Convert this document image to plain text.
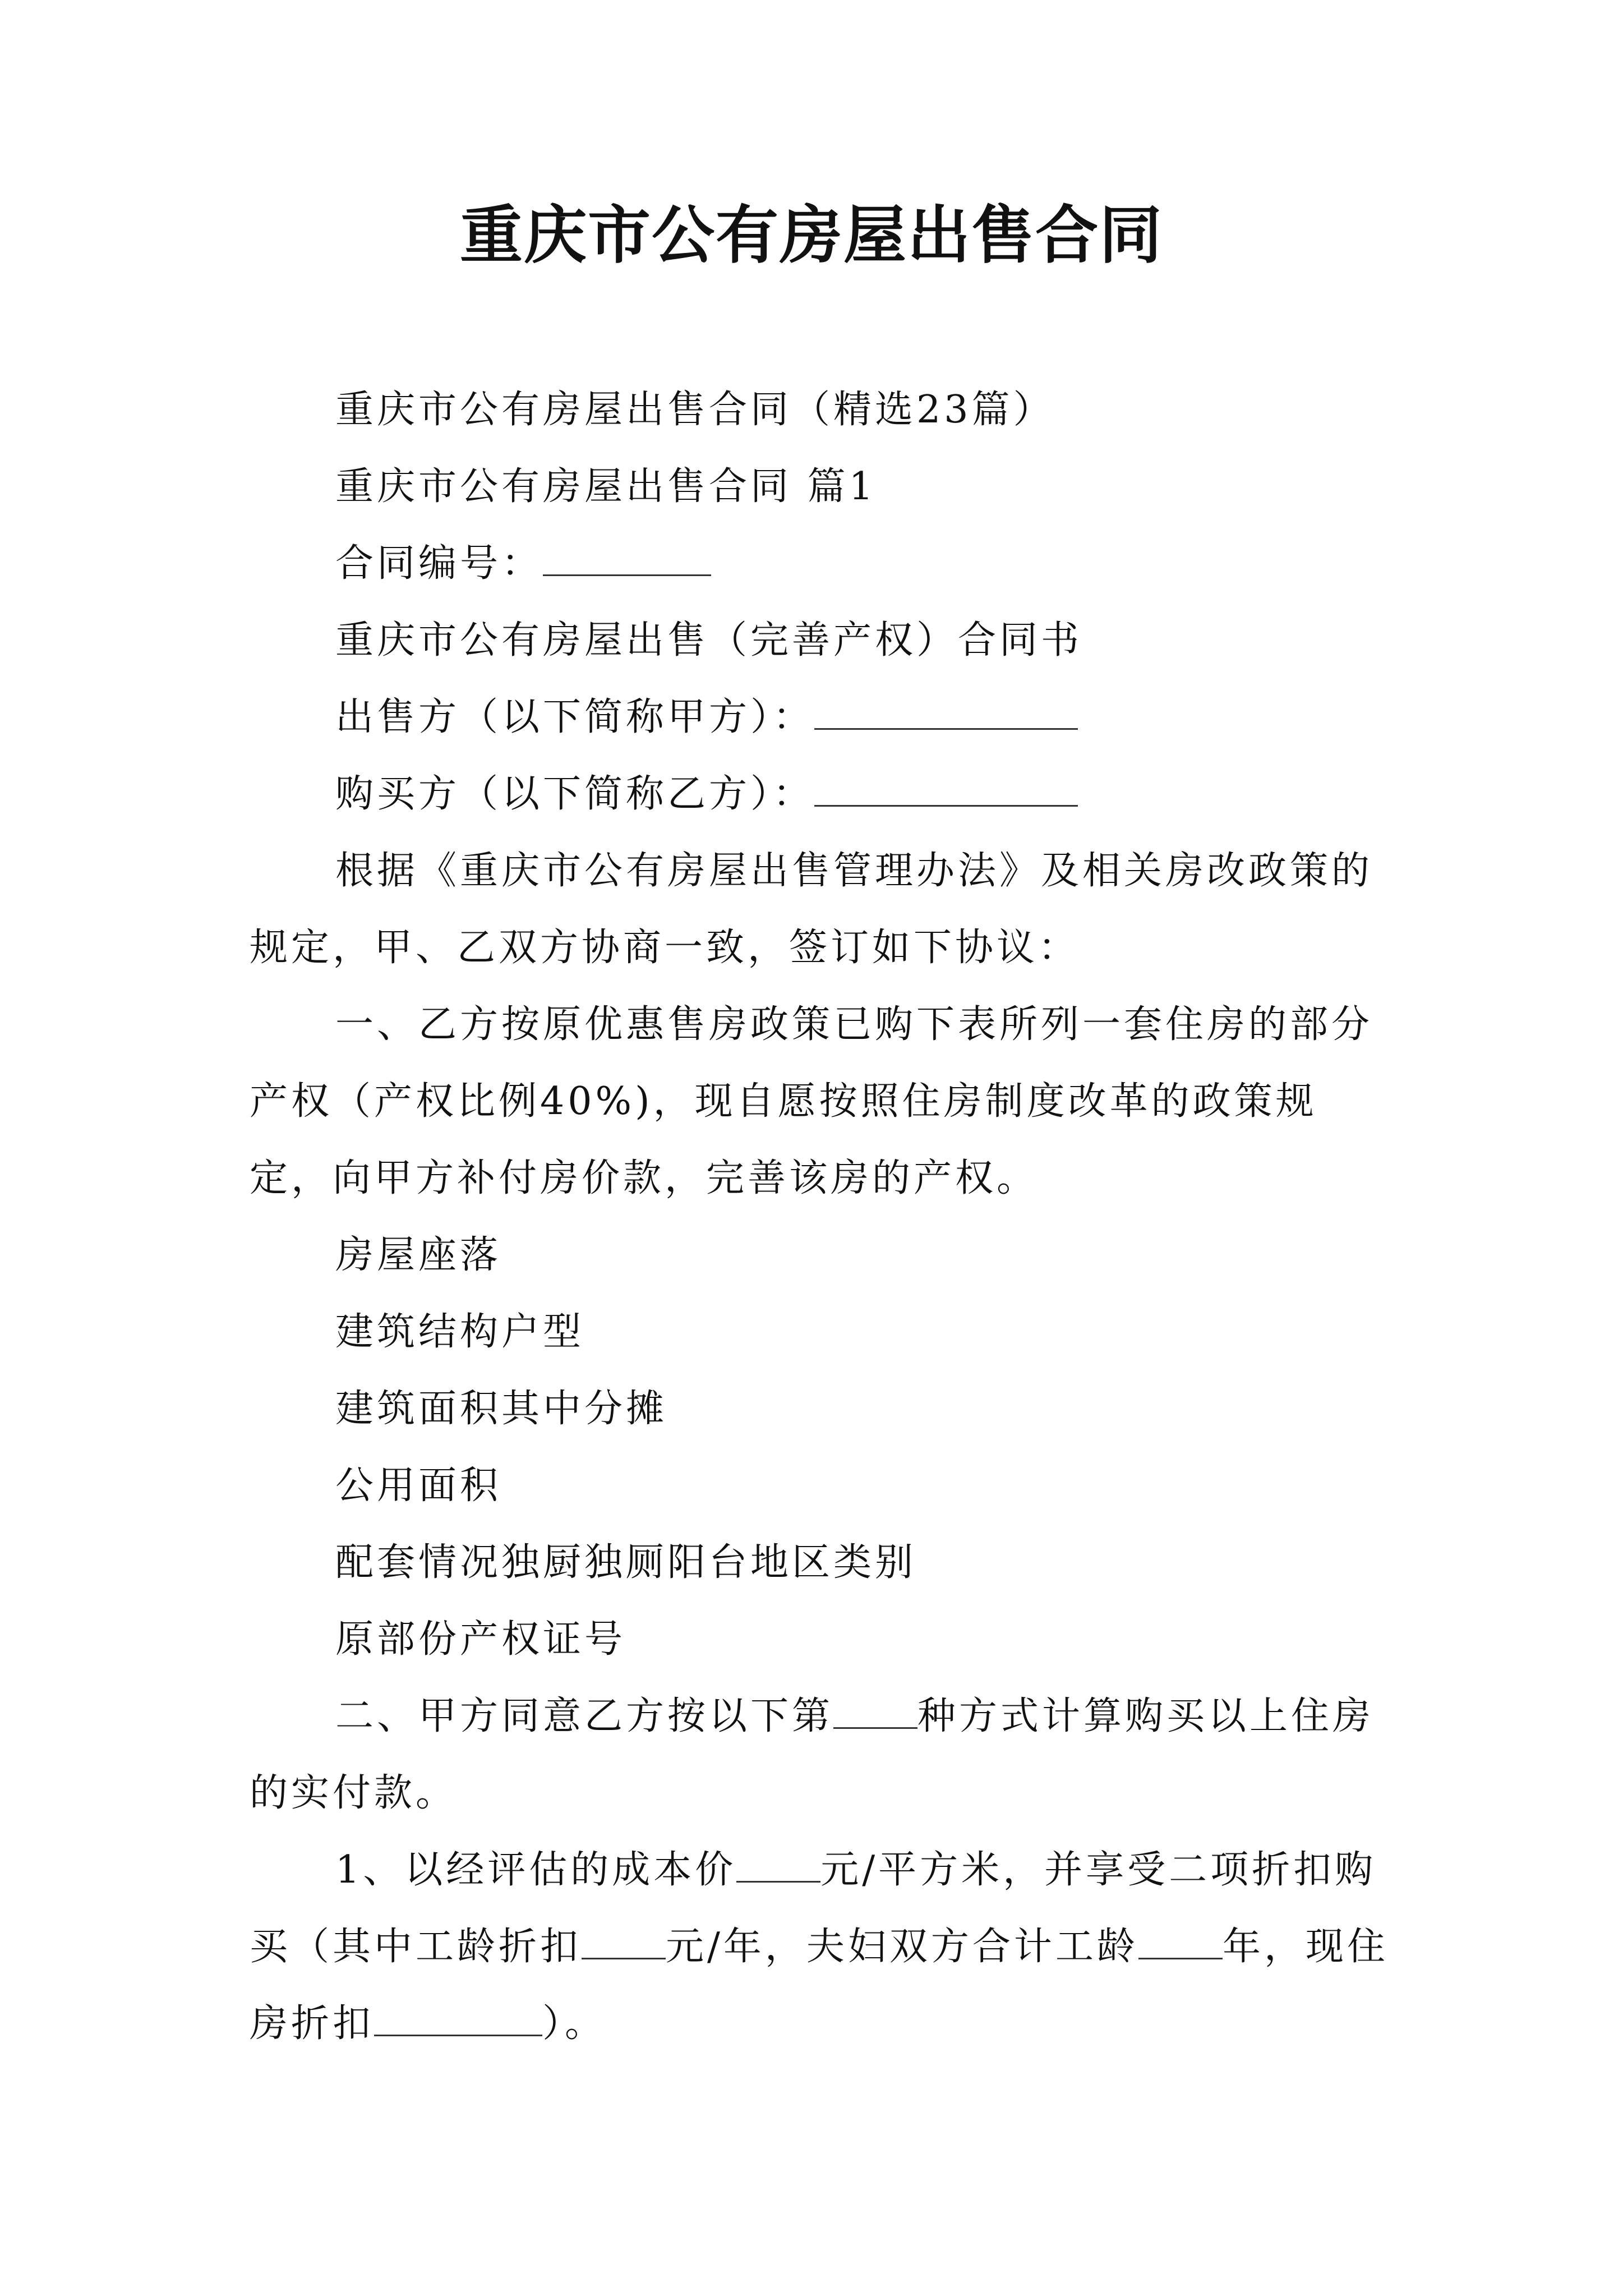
重庆市公有房屋出售合同

重庆市公有房屋出售合同（精选23篇）

重庆市公有房屋出售合同 篇1

合同编号：

重庆市公有房屋出售（完善产权）合同书

出售方（以下简称甲方）：

购买方（以下简称乙方）：

根据《重庆市公有房屋出售管理办法》及相关房改政策的规定，甲、乙双方协商一致，签订如下协议：

一、乙方按原优惠售房政策已购下表所列一套住房的部分产权（产权比例40%)，现自愿按照住房制度改革的政策规定，向甲方补付房价款，完善该房的产权。

房屋座落

建筑结构户型

建筑面积其中分摊

公用面积

配套情况独厨独厕阳台地区类别

原部份产权证号

二、甲方同意乙方按以下第 种方式计算购买以上住房的实付款。

1、以经评估的成本价 元/平方米，并享受二项折扣购买（其中工龄折扣 元/年，夫妇双方合计工龄 年，现住房折扣	）。
